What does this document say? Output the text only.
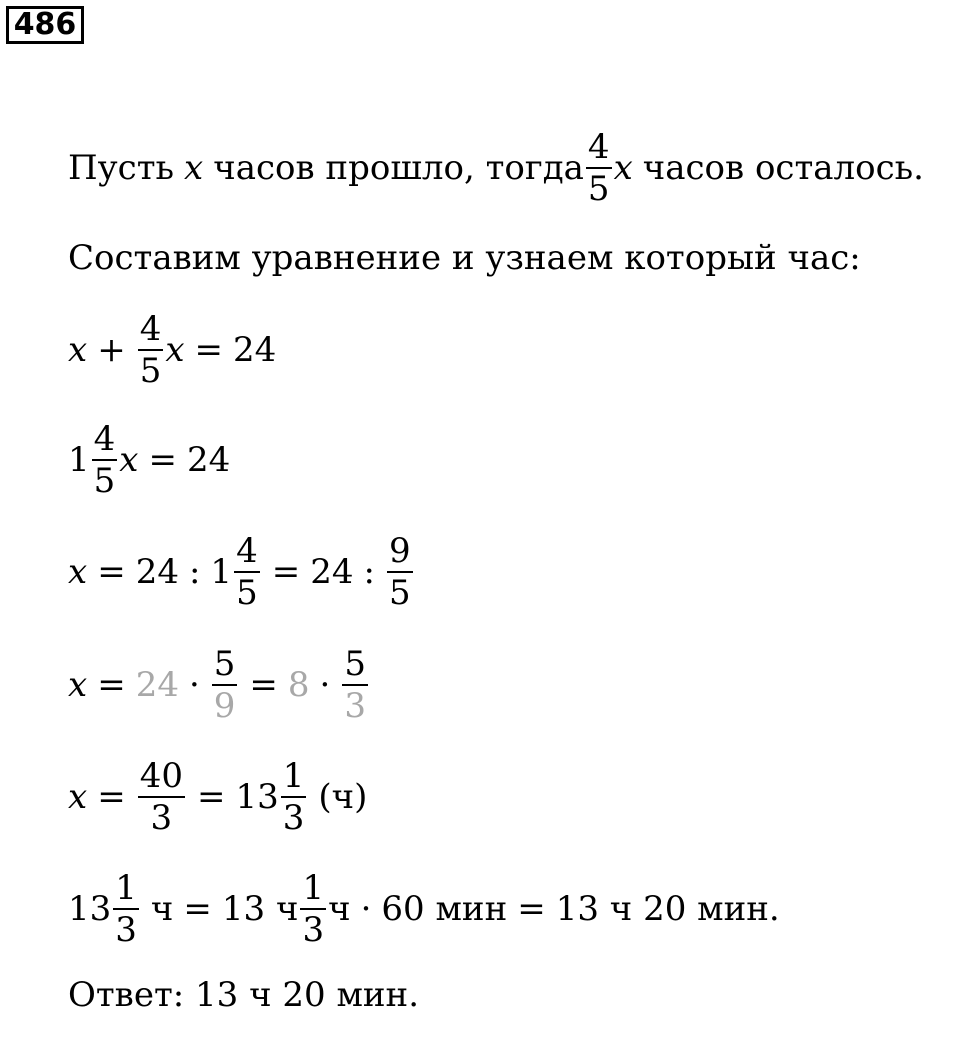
486
Пусть x часов прошло, тогда $\frac{4}{5}$ x часов осталось.
Составим уравнение и узнаем который час:
$x + \frac{4}{5}$ x = 24
$1 \frac{4}{5}$ x = 24
x = 24 : $1 \frac{4}{5} = 24$ : $\frac{9}{5}$
$x = 24 \cdot \frac{5}{9} = 8 \cdot \frac{5}{3}$
$x = \frac{40}{3} = 13 \frac{1}{3} (ч)$
$13 \frac{1}{3}$ ч = 13 ч $\frac{1}{3}$ ч · 60 мин = 13 ч 20 мин.
Ответ: 13 ч 20 мин.
